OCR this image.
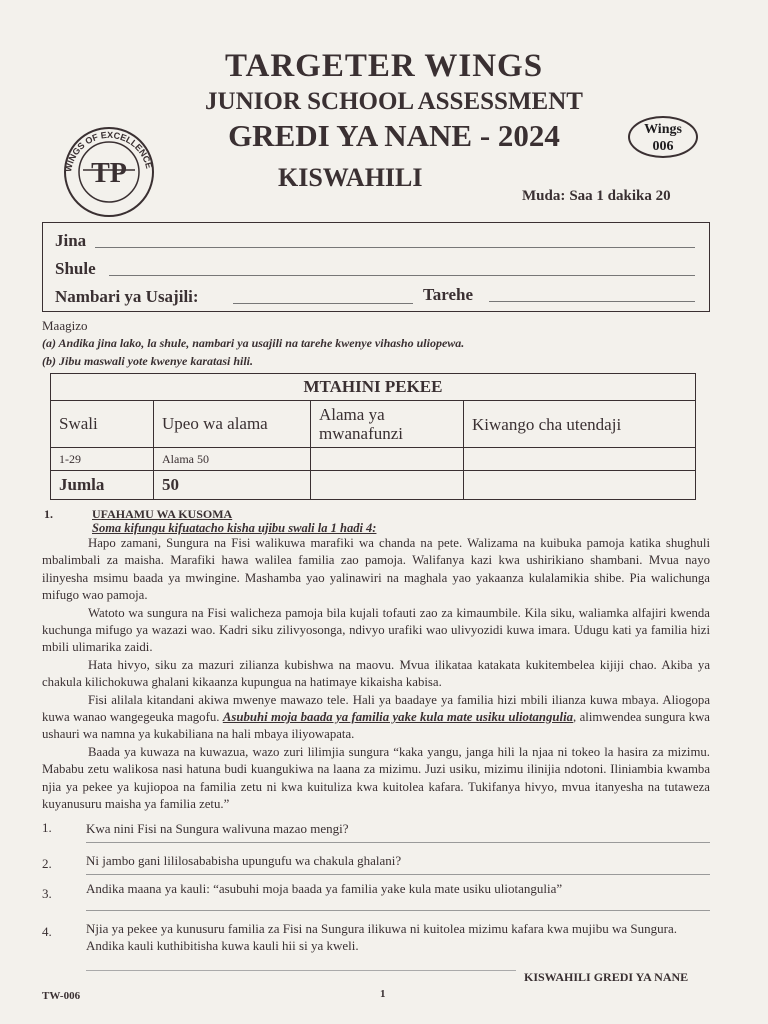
WINGS OF EXCELLENCE
TP
TARGETER WINGS
JUNIOR SCHOOL ASSESSMENT
GREDI YA NANE - 2024
KISWAHILI
Wings
006
Muda: Saa 1 dakika 20
Jina
Shule
Nambari ya Usajili:	Tarehe
Maagizo
(a) Andika jina lako, la shule, nambari ya usajili na tarehe kwenye vihasho uliopewa.
(b) Jibu maswali yote kwenye karatasi hili.
MTAHINI PEKEE			
Swali	Upeo wa alama	Alama ya mwanafunzi	Kiwango cha utendaji
1-29	Alama 50		
Jumla	50		
1.	UFAHAMU WA KUSOMA
Soma kifungu kifuatacho kisha ujibu swali la 1 hadi 4:

Hapo zamani, Sungura na Fisi walikuwa marafiki wa chanda na pete. Walizama na kuibuka pamoja katika shughuli mbalimbali za maisha. Marafiki hawa walilea familia zao pamoja. Walifanya kazi kwa ushirikiano shambani. Mvua nayo ilinyesha msimu baada ya mwingine. Mashamba yao yalinawiri na maghala yao yakaanza kulalamikia shibe. Pia walichunga mifugo wao pamoja.

Watoto wa sungura na Fisi walicheza pamoja bila kujali tofauti zao za kimaumbile. Kila siku, waliamka alfajiri kwenda kuchunga mifugo ya wazazi wao. Kadri siku zilivyosonga, ndivyo urafiki wao ulivyozidi kuwa imara. Udugu kati ya familia hizi mbili ulimarika zaidi.

Hata hivyo, siku za mazuri zilianza kubishwa na maovu. Mvua ilikataa katakata kukitembelea kijiji chao. Akiba ya chakula kilichokuwa ghalani kikaanza kupungua na hatimaye kikaisha kabisa.

Fisi alilala kitandani akiwa mwenye mawazo tele. Hali ya baadaye ya familia hizi mbili ilianza kuwa mbaya. Aliogopa kuwa wanao wangegeuka magofu. Asubuhi moja baada ya familia yake kula mate usiku uliotangulia, alimwendea sungura kwa ushauri wa namna ya kukabiliana na hali mbaya iliyowapata.

Baada ya kuwaza na kuwazua, wazo zuri lilimjia sungura “kaka yangu, janga hili la njaa ni tokeo la hasira za mizimu. Mababu zetu walikosa nasi hatuna budi kuangukiwa na laana za mizimu. Juzi usiku, mizimu ilinijia ndotoni. Iliniambia kwamba njia ya pekee ya kujiopoa na familia zetu ni kwa kuituliza kwa kuitolea kafara. Tukifanya hivyo, mvua itanyesha na tutaweza kuyanusuru maisha ya familia zetu.”

1.	Kwa nini Fisi na Sungura walivuna mazao mengi?
2.	Ni jambo gani lililosababisha upungufu wa chakula ghalani?
3.	Andika maana ya kauli: “asubuhi moja baada ya familia yake kula mate usiku uliotangulia”
4.	Njia ya pekee ya kunusuru familia za Fisi na Sungura ilikuwa ni kuitolea mizimu kafara kwa mujibu wa Sungura. Andika kauli kuthibitisha kuwa kauli hii si ya kweli.
KISWAHILI GREDI YA NANE
1
TW-006
